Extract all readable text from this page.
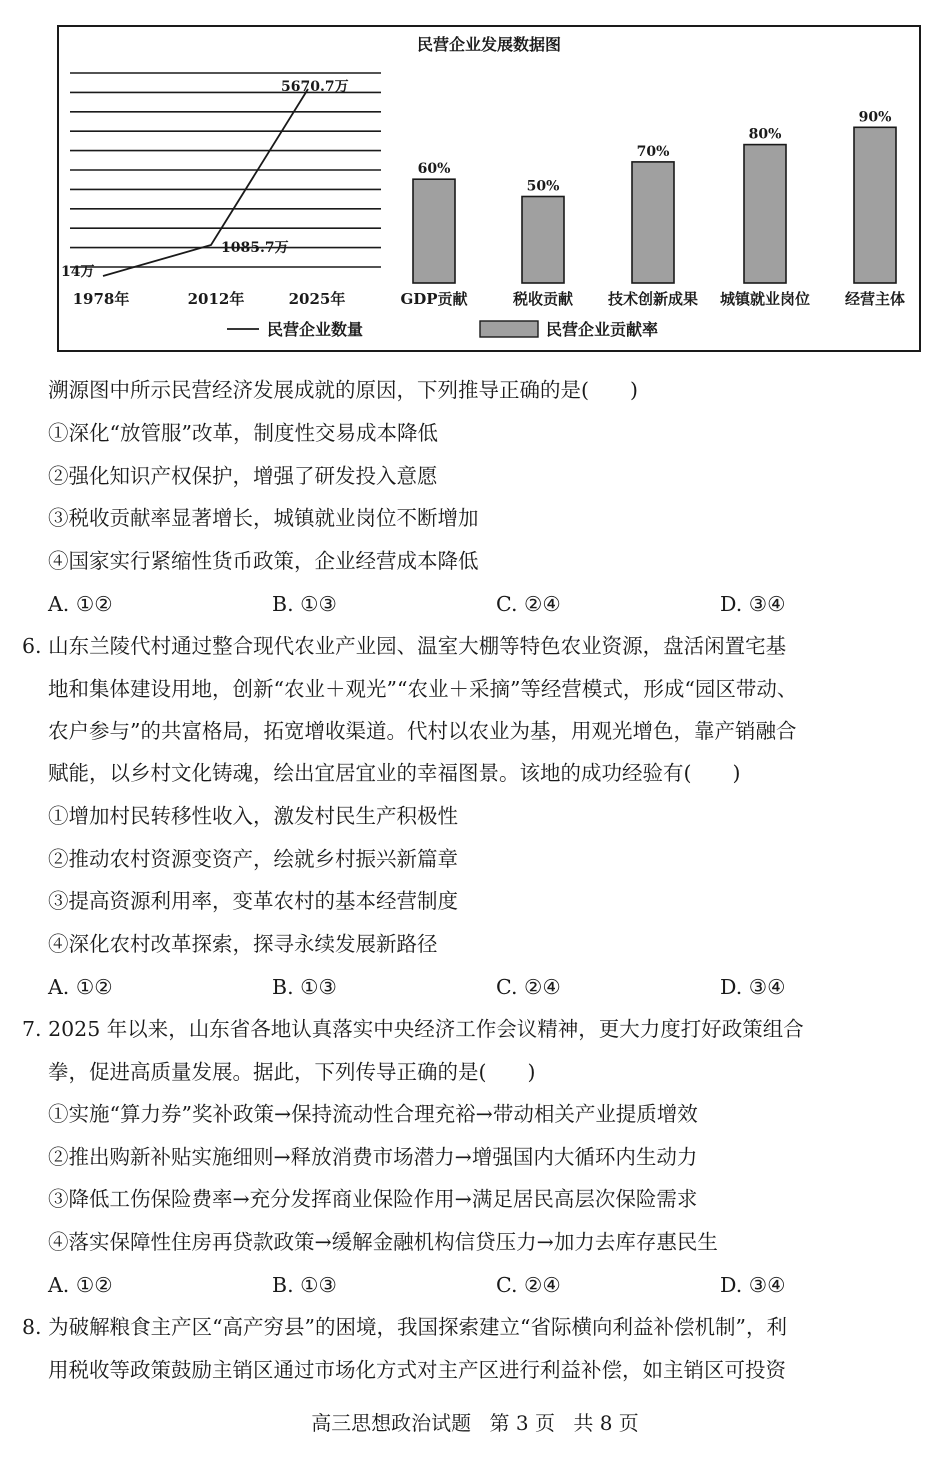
民营企业发展数据图
14万
1085.7万
5670.7万
1978年	2012年	2025年
60%
GDP贡献
50%
税收贡献
70%
技术创新成果
80%
城镇就业岗位
90%
经营主体
民营企业数量	民营企业贡献率
溯源图中所示民营经济发展成就的原因，下列推导正确的是(　　)
①深化“放管服”改革，制度性交易成本降低
②强化知识产权保护，增强了研发投入意愿
③税收贡献率显著增长，城镇就业岗位不断增加
④国家实行紧缩性货币政策，企业经营成本降低
A. ①②	B. ①③	C. ②④	D. ③④
6. 山东兰陵代村通过整合现代农业产业园、温室大棚等特色农业资源，盘活闲置宅基
地和集体建设用地，创新“农业＋观光”“农业＋采摘”等经营模式，形成“园区带动、
农户参与”的共富格局，拓宽增收渠道。代村以农业为基，用观光增色，靠产销融合
赋能，以乡村文化铸魂，绘出宜居宜业的幸福图景。该地的成功经验有(　　)
①增加村民转移性收入，激发村民生产积极性
②推动农村资源变资产，绘就乡村振兴新篇章
③提高资源利用率，变革农村的基本经营制度
④深化农村改革探索，探寻永续发展新路径
A. ①②	B. ①③	C. ②④	D. ③④
7. 2025 年以来，山东省各地认真落实中央经济工作会议精神，更大力度打好政策组合
拳，促进高质量发展。据此，下列传导正确的是(　　)
①实施“算力券”奖补政策→保持流动性合理充裕→带动相关产业提质增效
②推出购新补贴实施细则→释放消费市场潜力→增强国内大循环内生动力
③降低工伤保险费率→充分发挥商业保险作用→满足居民高层次保险需求
④落实保障性住房再贷款政策→缓解金融机构信贷压力→加力去库存惠民生
A. ①②	B. ①③	C. ②④	D. ③④
8. 为破解粮食主产区“高产穷县”的困境，我国探索建立“省际横向利益补偿机制”，利
用税收等政策鼓励主销区通过市场化方式对主产区进行利益补偿，如主销区可投资
高三思想政治试题 第 3 页 共 8 页
